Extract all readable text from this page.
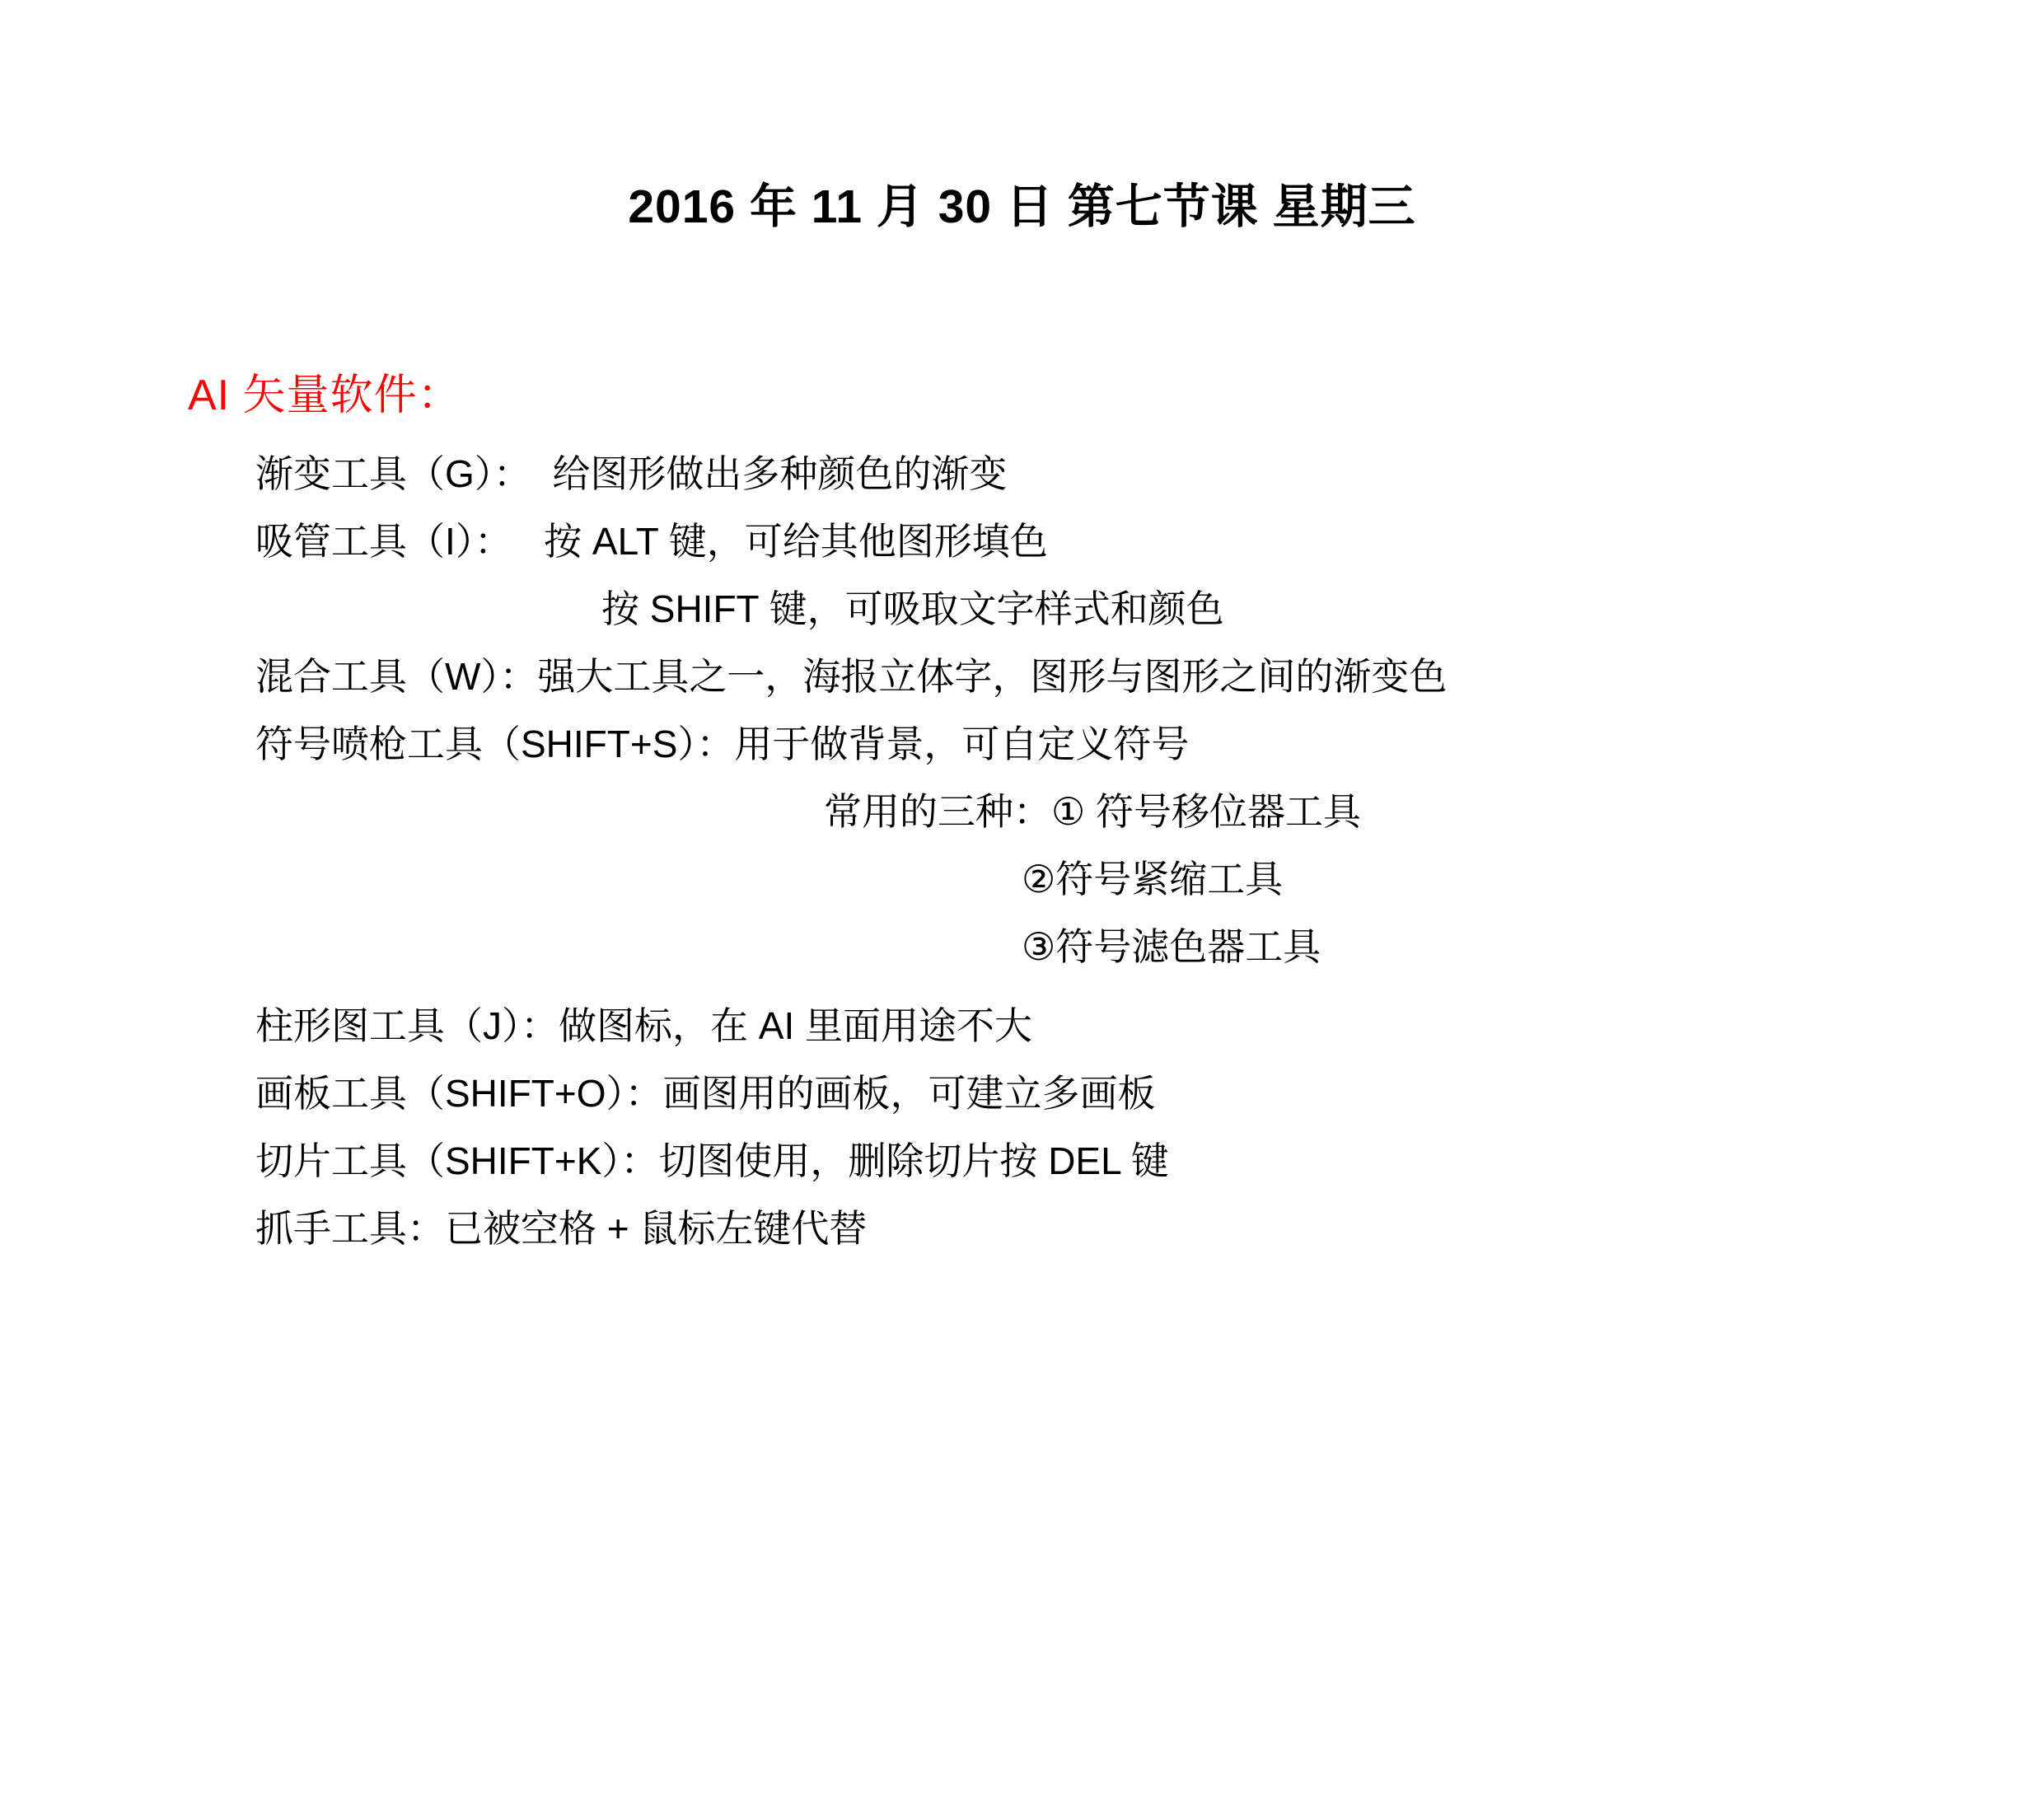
2016 年 11 月 30 日 第七节课 星期三
AI 矢量软件：

渐变工具（G）：  给图形做出多种颜色的渐变

吸管工具（I）：   按 ALT 键，可给其他图形填色

按 SHIFT 键，可吸取文字样式和颜色

混合工具（W）：强大工具之一，海报立体字，图形与图形之间的渐变色

符号喷枪工具（SHIFT+S）：用于做背景，可自定义符号

常用的三种：① 符号移位器工具

②符号紧缩工具

③符号滤色器工具

柱形图工具（J）：做图标，在 AI 里面用途不大

画板工具（SHIFT+O）：画图用的画板，可建立多画板

切片工具（SHIFT+K）：切图使用，删除切片按 DEL 键

抓手工具：已被空格 + 鼠标左键代替
